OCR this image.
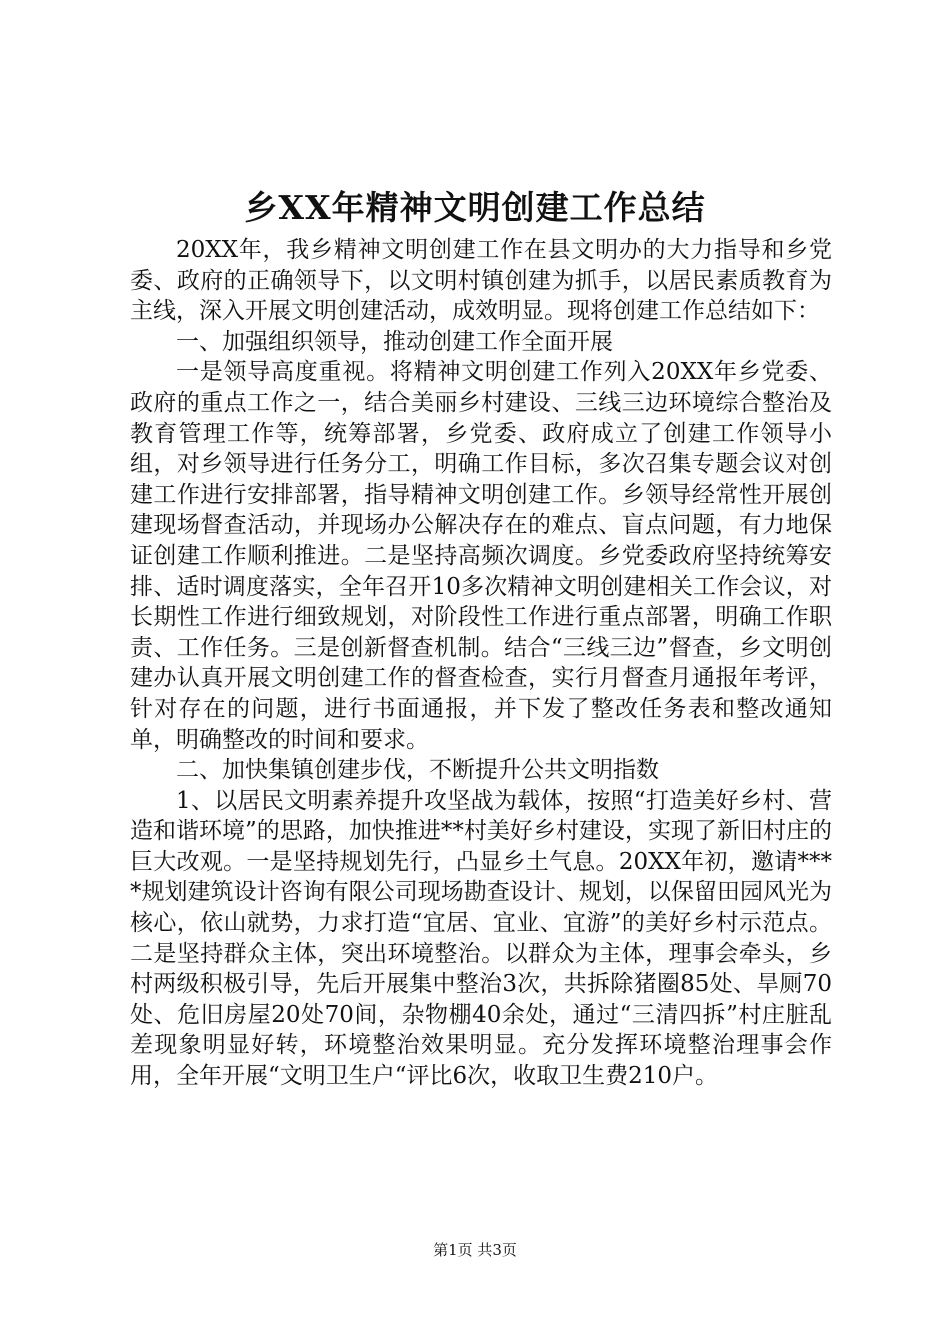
乡XX年精神文明创建工作总结

20XX年，我乡精神文明创建工作在县文明办的大力指导和乡党委、政府的正确领导下，以文明村镇创建为抓手，以居民素质教育为主线，深入开展文明创建活动，成效明显。现将创建工作总结如下：

一、加强组织领导，推动创建工作全面开展

一是领导高度重视。将精神文明创建工作列入20XX年乡党委、政府的重点工作之一，结合美丽乡村建设、三线三边环境综合整治及教育管理工作等，统筹部署，乡党委、政府成立了创建工作领导小组，对乡领导进行任务分工，明确工作目标，多次召集专题会议对创建工作进行安排部署，指导精神文明创建工作。乡领导经常性开展创建现场督查活动，并现场办公解决存在的难点、盲点问题，有力地保证创建工作顺利推进。二是坚持高频次调度。乡党委政府坚持统筹安排、适时调度落实，全年召开10多次精神文明创建相关工作会议，对长期性工作进行细致规划，对阶段性工作进行重点部署，明确工作职责、工作任务。三是创新督查机制。结合“三线三边”督查，乡文明创建办认真开展文明创建工作的督查检查，实行月督查月通报年考评，针对存在的问题，进行书面通报，并下发了整改任务表和整改通知单，明确整改的时间和要求。

二、加快集镇创建步伐，不断提升公共文明指数

1、以居民文明素养提升攻坚战为载体，按照“打造美好乡村、营造和谐环境”的思路，加快推进**村美好乡村建设，实现了新旧村庄的巨大改观。一是坚持规划先行，凸显乡土气息。20XX年初，邀请****规划建筑设计咨询有限公司现场勘查设计、规划，以保留田园风光为核心，依山就势，力求打造“宜居、宜业、宜游”的美好乡村示范点。二是坚持群众主体，突出环境整治。以群众为主体，理事会牵头，乡村两级积极引导，先后开展集中整治3次，共拆除猪圈85处、旱厕70处、危旧房屋20处70间，杂物棚40余处，通过“三清四拆”村庄脏乱差现象明显好转，环境整治效果明显。充分发挥环境整治理事会作用，全年开展“文明卫生户“评比6次，收取卫生费210户。

第1页 共3页
